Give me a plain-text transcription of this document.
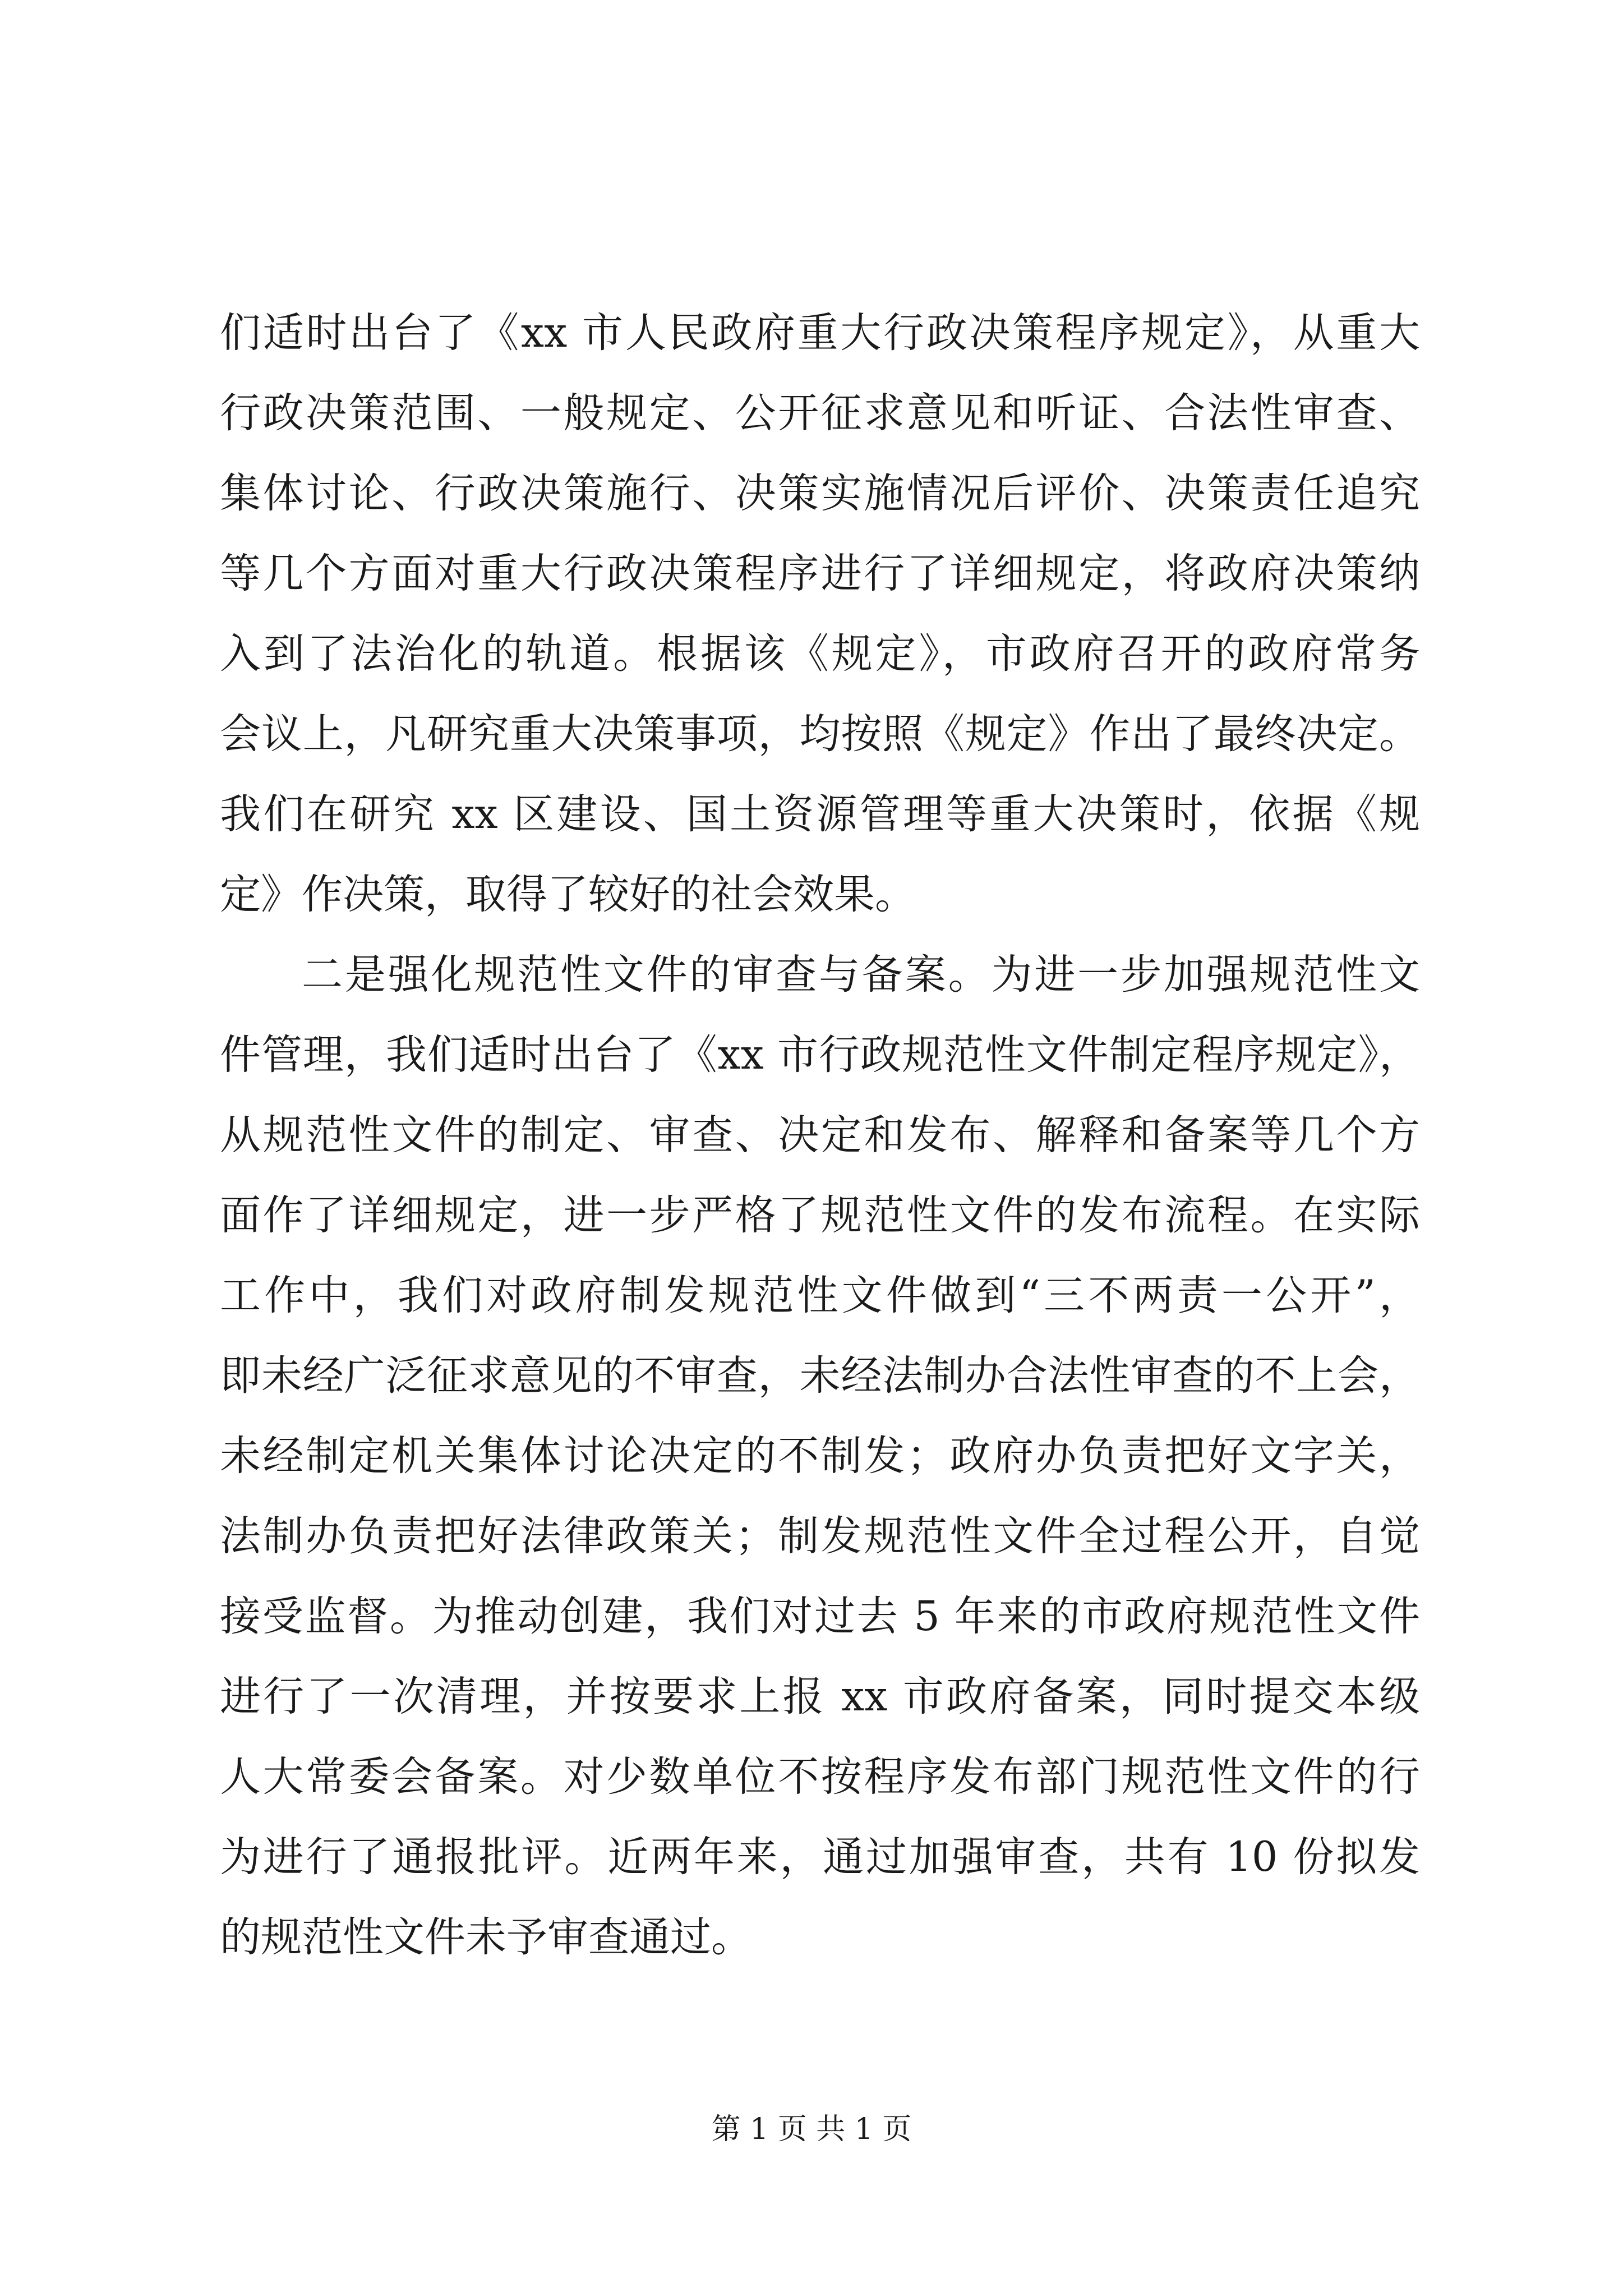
们适时出台了《xx 市人民政府重大行政决策程序规定》，从重大
行政决策范围、一般规定、公开征求意见和听证、合法性审查、
集体讨论、行政决策施行、决策实施情况后评价、决策责任追究
等几个方面对重大行政决策程序进行了详细规定，将政府决策纳
入到了法治化的轨道。根据该《规定》，市政府召开的政府常务
会议上，凡研究重大决策事项，均按照《规定》作出了最终决定。
我们在研究 xx 区建设、国土资源管理等重大决策时，依据《规
定》作决策，取得了较好的社会效果。
二是强化规范性文件的审查与备案。为进一步加强规范性文
件管理，我们适时出台了《xx 市行政规范性文件制定程序规定》，
从规范性文件的制定、审查、决定和发布、解释和备案等几个方
面作了详细规定，进一步严格了规范性文件的发布流程。在实际
工作中，我们对政府制发规范性文件做到“三不两责一公开”，
即未经广泛征求意见的不审查，未经法制办合法性审查的不上会，
未经制定机关集体讨论决定的不制发；政府办负责把好文字关，
法制办负责把好法律政策关；制发规范性文件全过程公开，自觉
接受监督。为推动创建，我们对过去 5 年来的市政府规范性文件
进行了一次清理，并按要求上报 xx 市政府备案，同时提交本级
人大常委会备案。对少数单位不按程序发布部门规范性文件的行
为进行了通报批评。近两年来，通过加强审查，共有 10 份拟发
的规范性文件未予审查通过。
第 1 页 共 1 页
